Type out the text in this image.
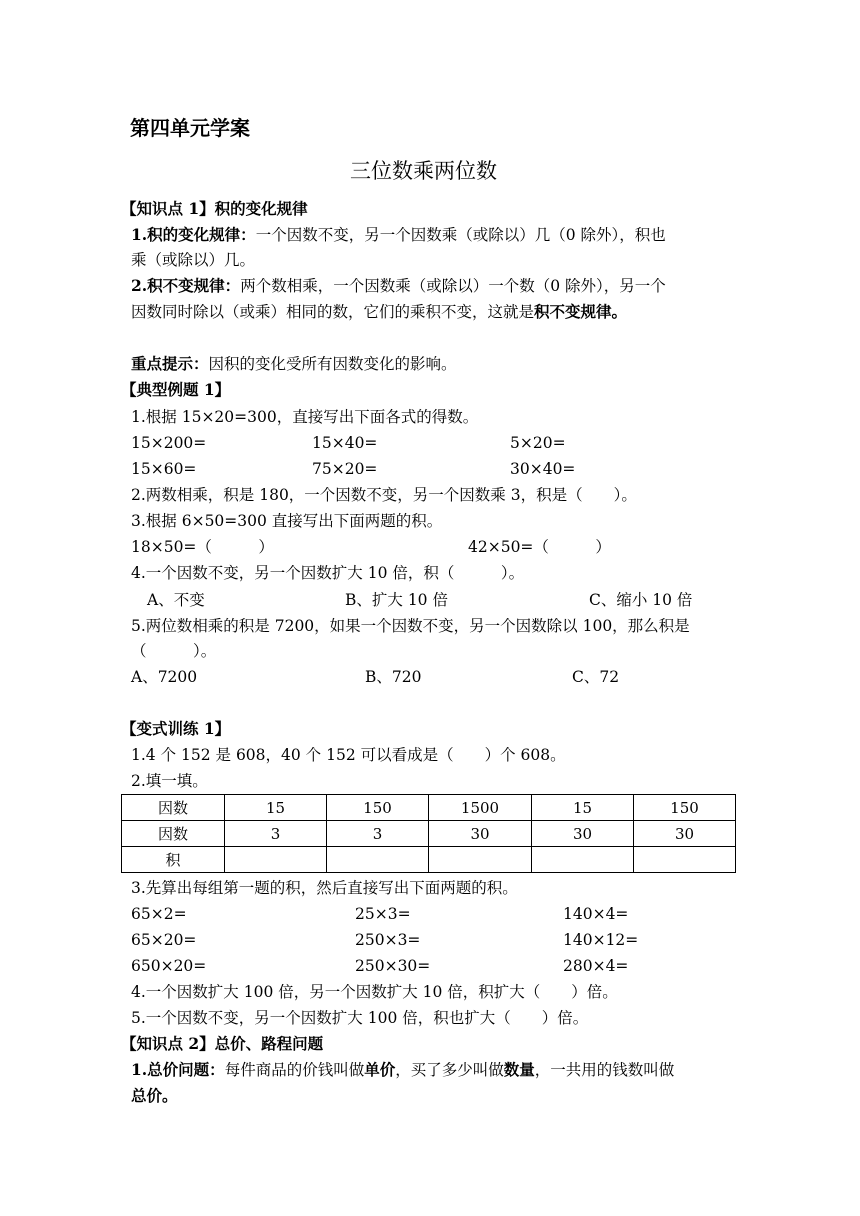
第四单元学案
三位数乘两位数
【知识点 1】积的变化规律
1.积的变化规律：一个因数不变，另一个因数乘（或除以）几（0 除外），积也
乘（或除以）几。
2.积不变规律：两个数相乘，一个因数乘（或除以）一个数（0 除外），另一个
因数同时除以（或乘）相同的数，它们的乘积不变，这就是积不变规律。
重点提示：因积的变化受所有因数变化的影响。
【典型例题 1】
1.根据 15×20=300，直接写出下面各式的得数。
15×200=	15×40=	5×20=
15×60=	75×20=	30×40=
2.两数相乘，积是 180，一个因数不变，另一个因数乘 3，积是（　　）。
3.根据 6×50=300 直接写出下面两题的积。
18×50=（　　　）	42×50=（　　　）
4.一个因数不变，另一个因数扩大 10 倍，积（　　　）。
A、不变	B、扩大 10 倍	C、缩小 10 倍
5.两位数相乘的积是 7200，如果一个因数不变，另一个因数除以 100，那么积是
（　　　）。
A、7200	B、720	C、72
【变式训练 1】
1.4 个 152 是 608，40 个 152 可以看成是（　　）个 608。
2.填一填。
因数	15	150	1500	15	150
因数	3	3	30	30	30
积					
3.先算出每组第一题的积，然后直接写出下面两题的积。
65×2=	25×3=	140×4=
65×20=	250×3=	140×12=
650×20=	250×30=	280×4=
4.一个因数扩大 100 倍，另一个因数扩大 10 倍，积扩大（　　）倍。
5.一个因数不变，另一个因数扩大 100 倍，积也扩大（　　）倍。
【知识点 2】总价、路程问题
1.总价问题：每件商品的价钱叫做单价，买了多少叫做数量，一共用的钱数叫做
总价。
